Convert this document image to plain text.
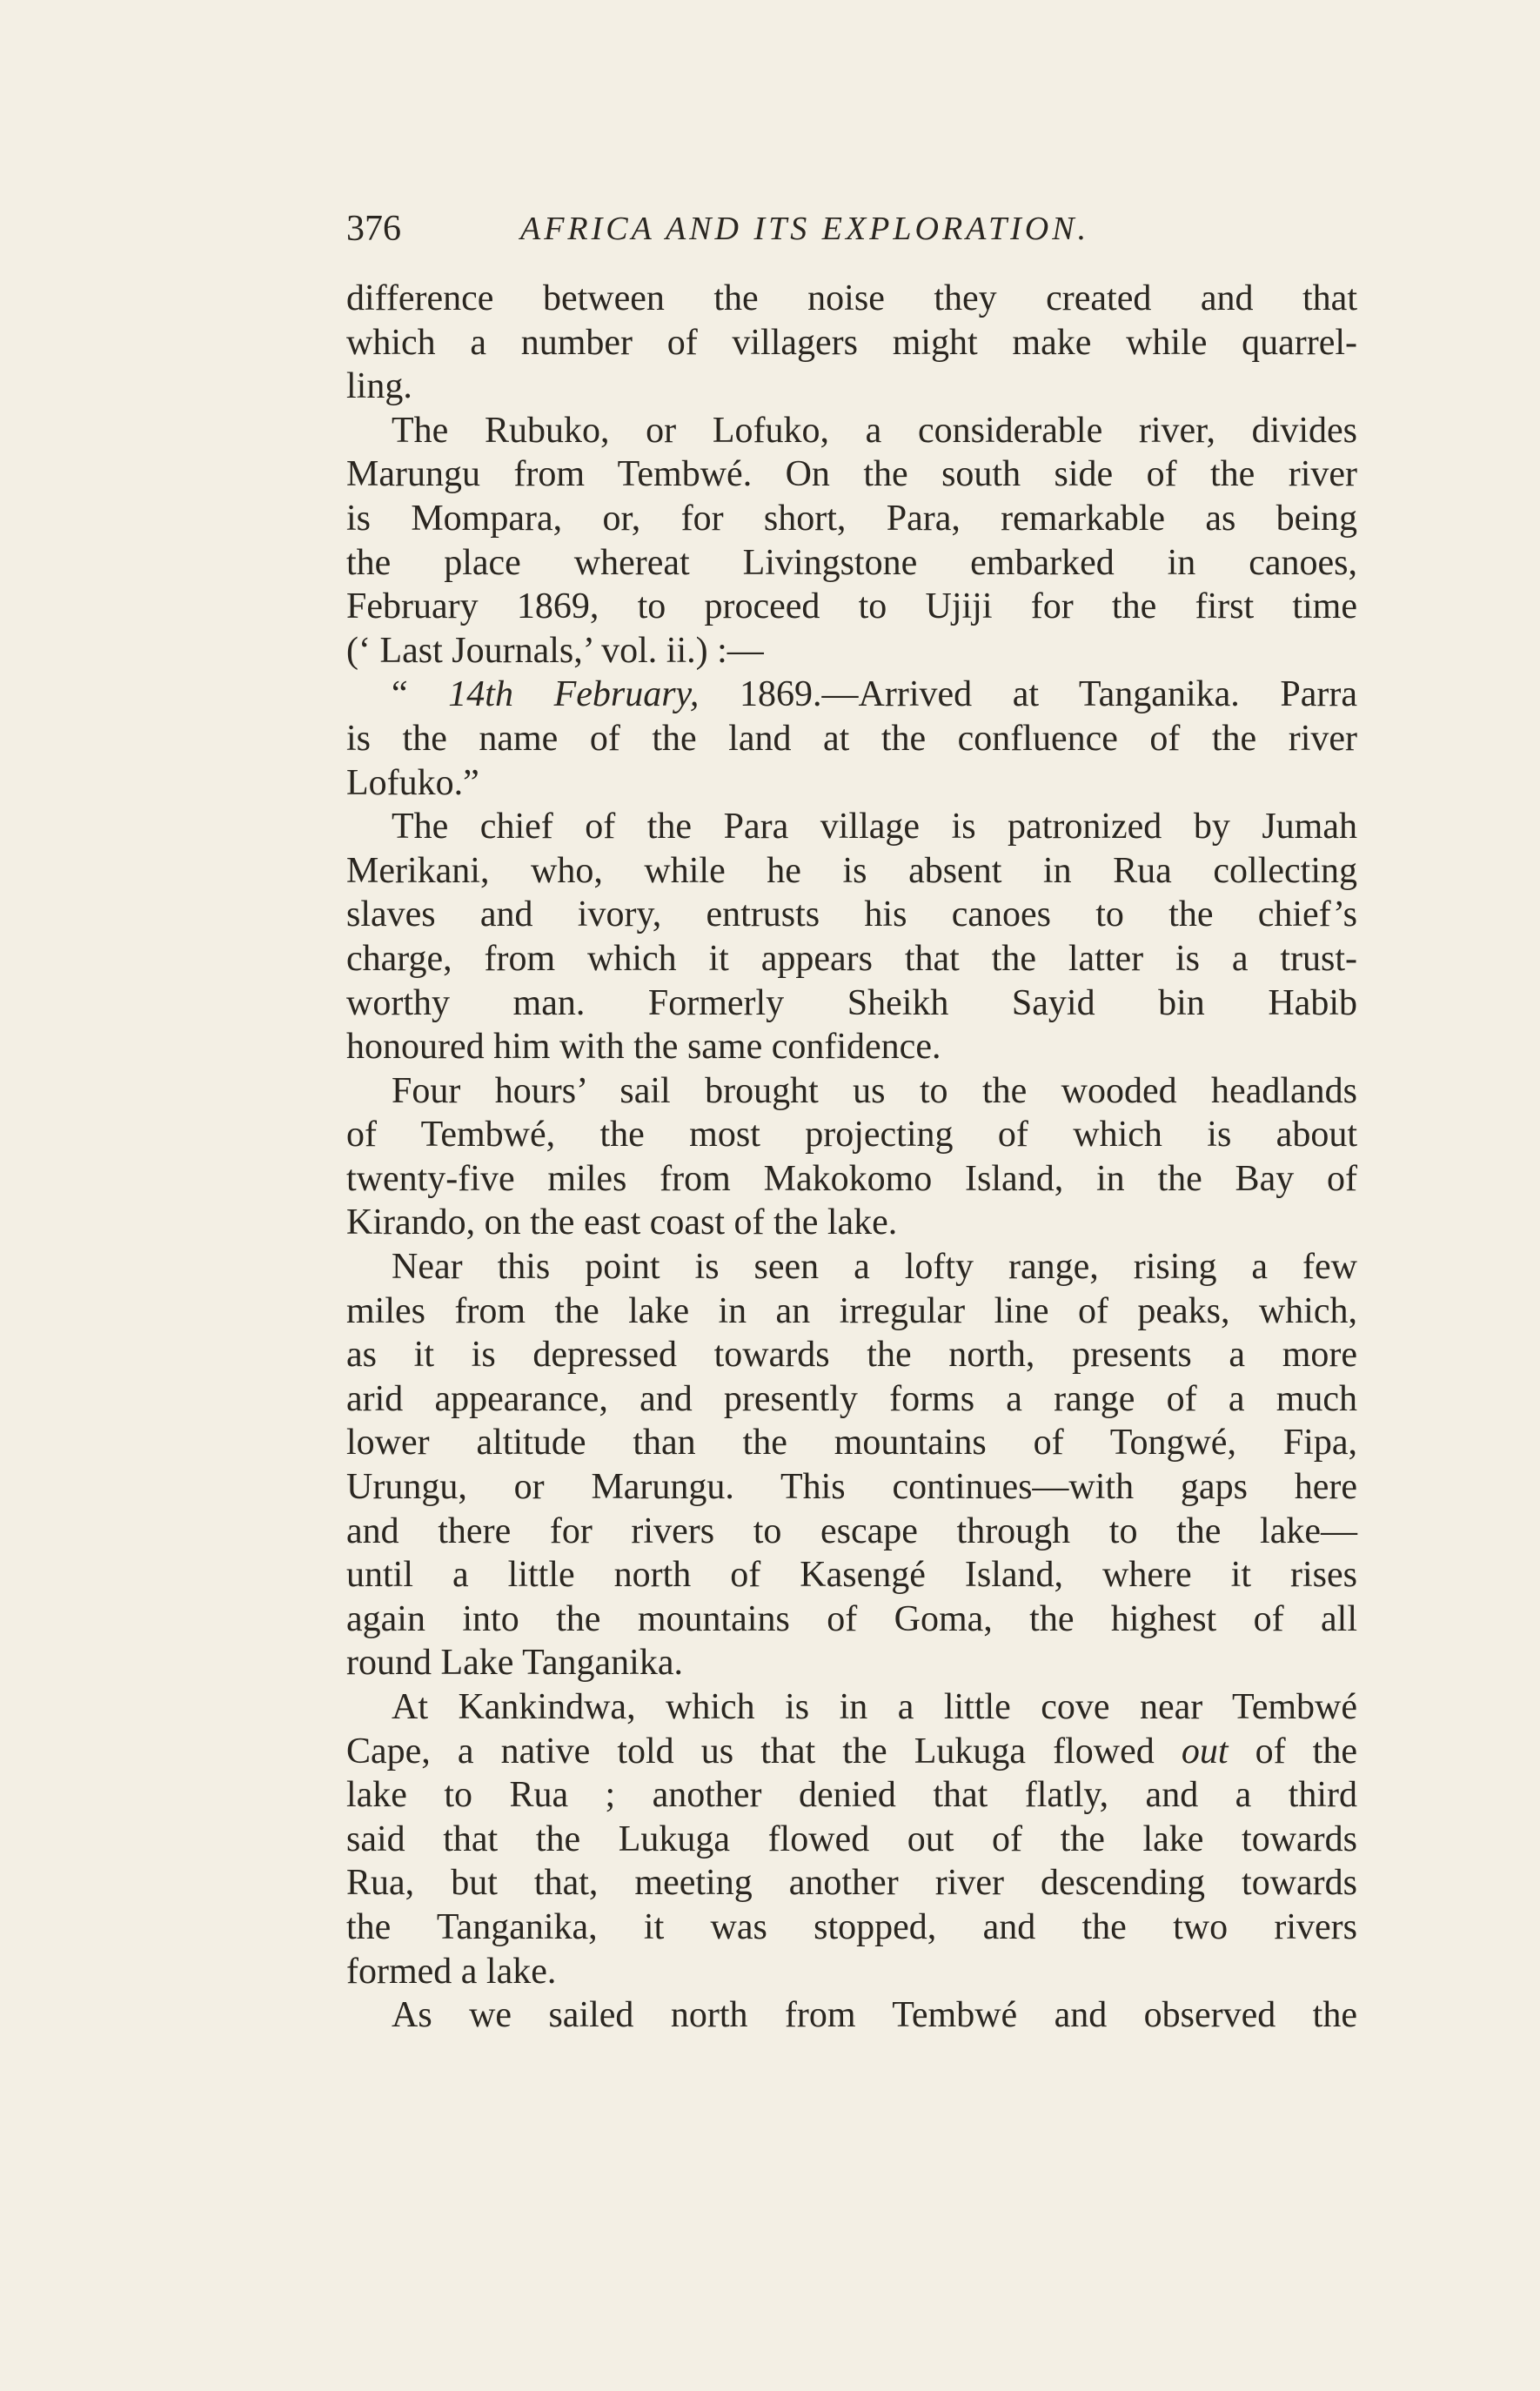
376	AFRICA AND ITS EXPLORATION.
difference between the noise they created and that
which a number of villagers might make while quarrel-
ling.
The Rubuko, or Lofuko, a considerable river, divides
Marungu from Tembwé. On the south side of the river
is Mompara, or, for short, Para, remarkable as being
the place whereat Livingstone embarked in canoes,
February 1869, to proceed to Ujiji for the first time
(‘ Last Journals,’ vol. ii.) :—
“ 14th February, 1869.—Arrived at Tanganika. Parra
is the name of the land at the confluence of the river
Lofuko.”
The chief of the Para village is patronized by Jumah
Merikani, who, while he is absent in Rua collecting
slaves and ivory, entrusts his canoes to the chief’s
charge, from which it appears that the latter is a trust-
worthy man. Formerly Sheikh Sayid bin Habib
honoured him with the same confidence.
Four hours’ sail brought us to the wooded headlands
of Tembwé, the most projecting of which is about
twenty-five miles from Makokomo Island, in the Bay of
Kirando, on the east coast of the lake.
Near this point is seen a lofty range, rising a few
miles from the lake in an irregular line of peaks, which,
as it is depressed towards the north, presents a more
arid appearance, and presently forms a range of a much
lower altitude than the mountains of Tongwé, Fipa,
Urungu, or Marungu. This continues—with gaps here
and there for rivers to escape through to the lake—
until a little north of Kasengé Island, where it rises
again into the mountains of Goma, the highest of all
round Lake Tanganika.
At Kankindwa, which is in a little cove near Tembwé
Cape, a native told us that the Lukuga flowed out of the
lake to Rua ; another denied that flatly, and a third
said that the Lukuga flowed out of the lake towards
Rua, but that, meeting another river descending towards
the Tanganika, it was stopped, and the two rivers
formed a lake.
As we sailed north from Tembwé and observed the
